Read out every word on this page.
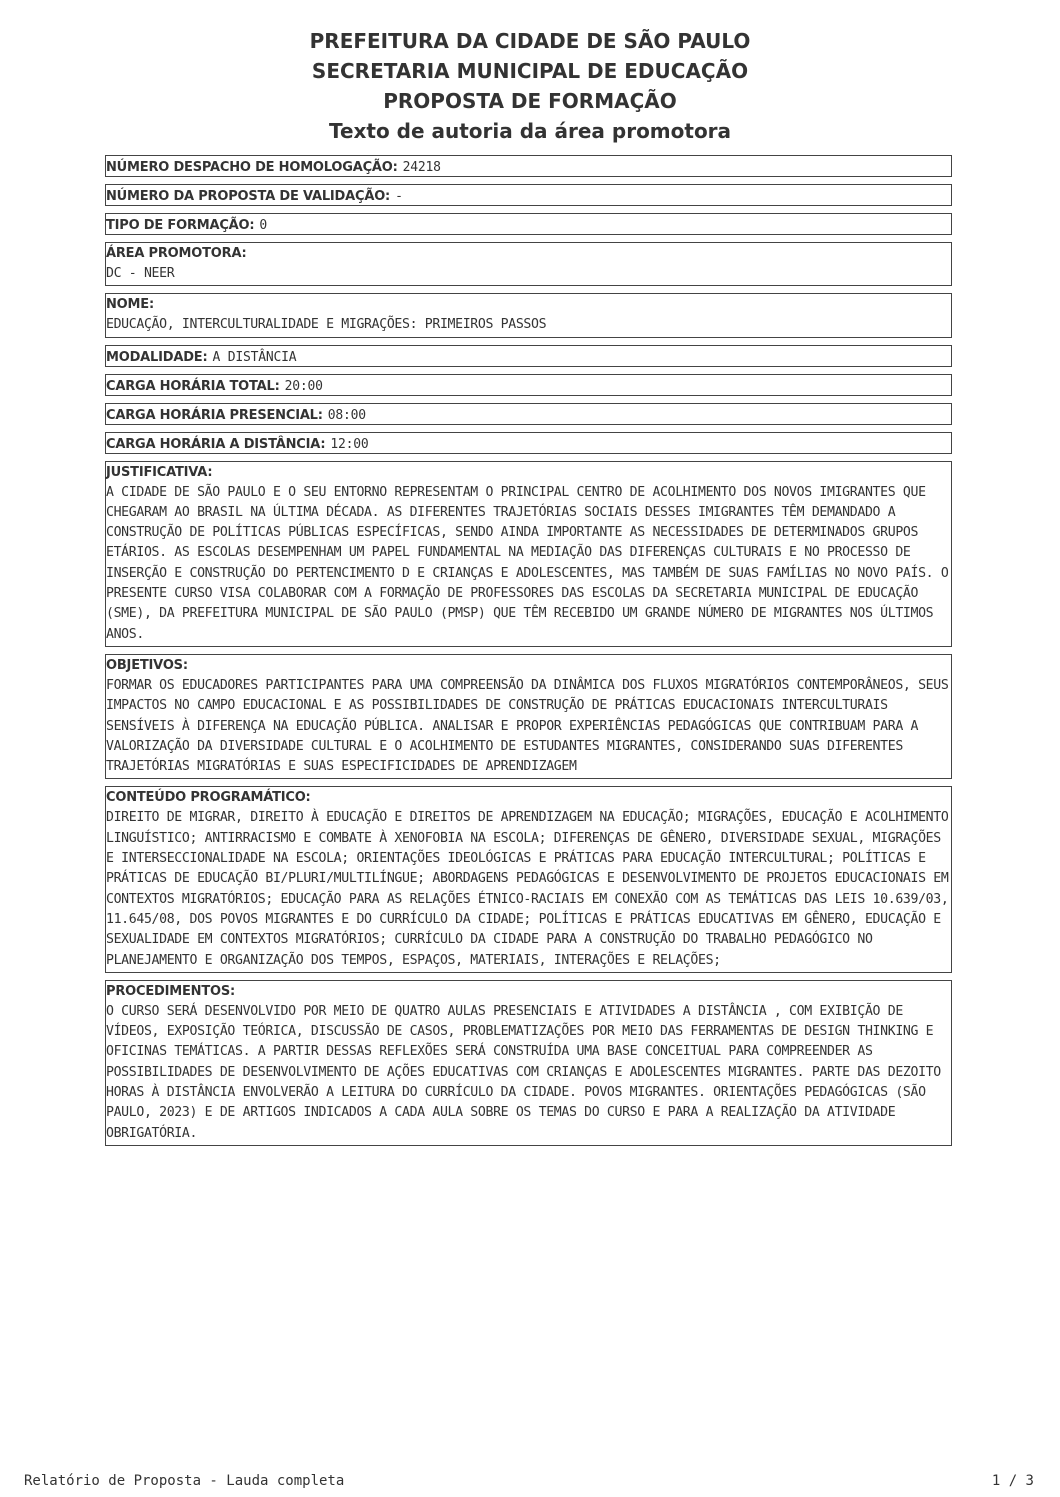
PREFEITURA DA CIDADE DE SÃO PAULO
SECRETARIA MUNICIPAL DE EDUCAÇÃO
PROPOSTA DE FORMAÇÃO
Texto de autoria da área promotora
NÚMERO DESPACHO DE HOMOLOGAÇÃO: 24218
NÚMERO DA PROPOSTA DE VALIDAÇÃO: -
TIPO DE FORMAÇÃO: 0
ÁREA PROMOTORA:
DC - NEER
NOME:
EDUCAÇÃO, INTERCULTURALIDADE E MIGRAÇÕES: PRIMEIROS PASSOS
MODALIDADE: A DISTÂNCIA
CARGA HORÁRIA TOTAL: 20:00
CARGA HORÁRIA PRESENCIAL: 08:00
CARGA HORÁRIA A DISTÂNCIA: 12:00
JUSTIFICATIVA:
A CIDADE DE SÃO PAULO E O SEU ENTORNO REPRESENTAM O PRINCIPAL CENTRO DE ACOLHIMENTO DOS NOVOS IMIGRANTES QUE CHEGARAM AO BRASIL NA ÚLTIMA DÉCADA. AS DIFERENTES TRAJETÓRIAS SOCIAIS DESSES IMIGRANTES TÊM DEMANDADO A CONSTRUÇÃO DE POLÍTICAS PÚBLICAS ESPECÍFICAS, SENDO AINDA IMPORTANTE AS NECESSIDADES DE DETERMINADOS GRUPOS ETÁRIOS. AS ESCOLAS DESEMPENHAM UM PAPEL FUNDAMENTAL NA MEDIAÇÃO DAS DIFERENÇAS CULTURAIS E NO PROCESSO DE INSERÇÃO E CONSTRUÇÃO DO PERTENCIMENTO D E CRIANÇAS E ADOLESCENTES, MAS TAMBÉM DE SUAS FAMÍLIAS NO NOVO PAÍS. O PRESENTE CURSO VISA COLABORAR COM A FORMAÇÃO DE PROFESSORES DAS ESCOLAS DA SECRETARIA MUNICIPAL DE EDUCAÇÃO (SME), DA PREFEITURA MUNICIPAL DE SÃO PAULO (PMSP) QUE TÊM RECEBIDO UM GRANDE NÚMERO DE MIGRANTES NOS ÚLTIMOS ANOS.
OBJETIVOS:
FORMAR OS EDUCADORES PARTICIPANTES PARA UMA COMPREENSÃO DA DINÂMICA DOS FLUXOS MIGRATÓRIOS CONTEMPORÂNEOS, SEUS IMPACTOS NO CAMPO EDUCACIONAL E AS POSSIBILIDADES DE CONSTRUÇÃO DE PRÁTICAS EDUCACIONAIS INTERCULTURAIS SENSÍVEIS À DIFERENÇA NA EDUCAÇÃO PÚBLICA. ANALISAR E PROPOR EXPERIÊNCIAS PEDAGÓGICAS QUE CONTRIBUAM PARA A VALORIZAÇÃO DA DIVERSIDADE CULTURAL E O ACOLHIMENTO DE ESTUDANTES MIGRANTES, CONSIDERANDO SUAS DIFERENTES TRAJETÓRIAS MIGRATÓRIAS E SUAS ESPECIFICIDADES DE APRENDIZAGEM
CONTEÚDO PROGRAMÁTICO:
DIREITO DE MIGRAR, DIREITO À EDUCAÇÃO E DIREITOS DE APRENDIZAGEM NA EDUCAÇÃO; MIGRAÇÕES, EDUCAÇÃO E ACOLHIMENTO LINGUÍSTICO; ANTIRRACISMO E COMBATE À XENOFOBIA NA ESCOLA; DIFERENÇAS DE GÊNERO, DIVERSIDADE SEXUAL, MIGRAÇÕES E INTERSECCIONALIDADE NA ESCOLA; ORIENTAÇÕES IDEOLÓGICAS E PRÁTICAS PARA EDUCAÇÃO INTERCULTURAL; POLÍTICAS E PRÁTICAS DE EDUCAÇÃO BI/PLURI/MULTILÍNGUE; ABORDAGENS PEDAGÓGICAS E DESENVOLVIMENTO DE PROJETOS EDUCACIONAIS EM CONTEXTOS MIGRATÓRIOS; EDUCAÇÃO PARA AS RELAÇÕES ÉTNICO-RACIAIS EM CONEXÃO COM AS TEMÁTICAS DAS LEIS 10.639/03, 11.645/08, DOS POVOS MIGRANTES E DO CURRÍCULO DA CIDADE; POLÍTICAS E PRÁTICAS EDUCATIVAS EM GÊNERO, EDUCAÇÃO E SEXUALIDADE EM CONTEXTOS MIGRATÓRIOS; CURRÍCULO DA CIDADE PARA A CONSTRUÇÃO DO TRABALHO PEDAGÓGICO NO PLANEJAMENTO E ORGANIZAÇÃO DOS TEMPOS, ESPAÇOS, MATERIAIS, INTERAÇÕES E RELAÇÕES;
PROCEDIMENTOS:
O CURSO SERÁ DESENVOLVIDO POR MEIO DE QUATRO AULAS PRESENCIAIS E ATIVIDADES A DISTÂNCIA , COM EXIBIÇÃO DE VÍDEOS, EXPOSIÇÃO TEÓRICA, DISCUSSÃO DE CASOS, PROBLEMATIZAÇÕES POR MEIO DAS FERRAMENTAS DE DESIGN THINKING E OFICINAS TEMÁTICAS. A PARTIR DESSAS REFLEXÕES SERÁ CONSTRUÍDA UMA BASE CONCEITUAL PARA COMPREENDER AS POSSIBILIDADES DE DESENVOLVIMENTO DE AÇÕES EDUCATIVAS COM CRIANÇAS E ADOLESCENTES MIGRANTES. PARTE DAS DEZOITO HORAS À DISTÂNCIA ENVOLVERÃO A LEITURA DO CURRÍCULO DA CIDADE. POVOS MIGRANTES. ORIENTAÇÕES PEDAGÓGICAS (SÃO PAULO, 2023) E DE ARTIGOS INDICADOS A CADA AULA SOBRE OS TEMAS DO CURSO E PARA A REALIZAÇÃO DA ATIVIDADE OBRIGATÓRIA.
Relatório de Proposta - Lauda completa	1 / 3
